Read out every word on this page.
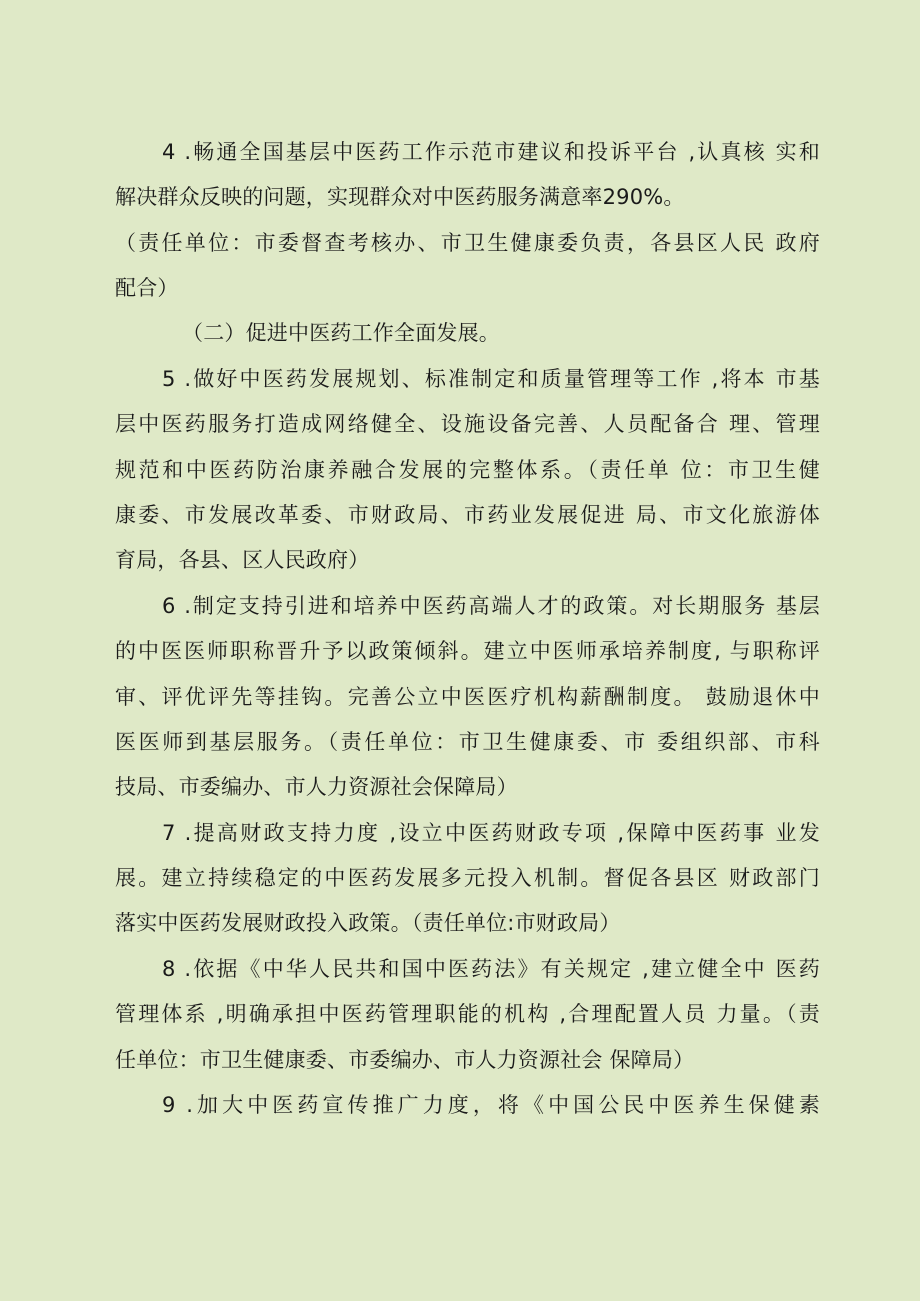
4 .畅通全国基层中医药工作示范市建议和投诉平台 ,认真核 实和
解决群众反映的问题，实现群众对中医药服务满意率290%。
（责任单位：市委督查考核办、市卫生健康委负责，各县区人民 政府
配合）
（二）促进中医药工作全面发展。
5 .做好中医药发展规划、标准制定和质量管理等工作 ,将本 市基
层中医药服务打造成网络健全、设施设备完善、人员配备合 理、管理
规范和中医药防治康养融合发展的完整体系。（责任单 位：市卫生健
康委、市发展改革委、市财政局、市药业发展促进 局、市文化旅游体
育局，各县、区人民政府）
6 .制定支持引进和培养中医药高端人才的政策。对长期服务 基层
的中医医师职称晋升予以政策倾斜。建立中医师承培养制度, 与职称评
审、评优评先等挂钩。完善公立中医医疗机构薪酬制度。 鼓励退休中
医医师到基层服务。（责任单位：市卫生健康委、市 委组织部、市科
技局、市委编办、市人力资源社会保障局）
7 .提高财政支持力度 ,设立中医药财政专项 ,保障中医药事 业发
展。建立持续稳定的中医药发展多元投入机制。督促各县区 财政部门
落实中医药发展财政投入政策。（责任单位:市财政局）
8 .依据《中华人民共和国中医药法》有关规定 ,建立健全中 医药
管理体系 ,明确承担中医药管理职能的机构 ,合理配置人员 力量。（责
任单位：市卫生健康委、市委编办、市人力资源社会 保障局）
9 .加大中医药宣传推广力度，将《中国公民中医养生保健素
